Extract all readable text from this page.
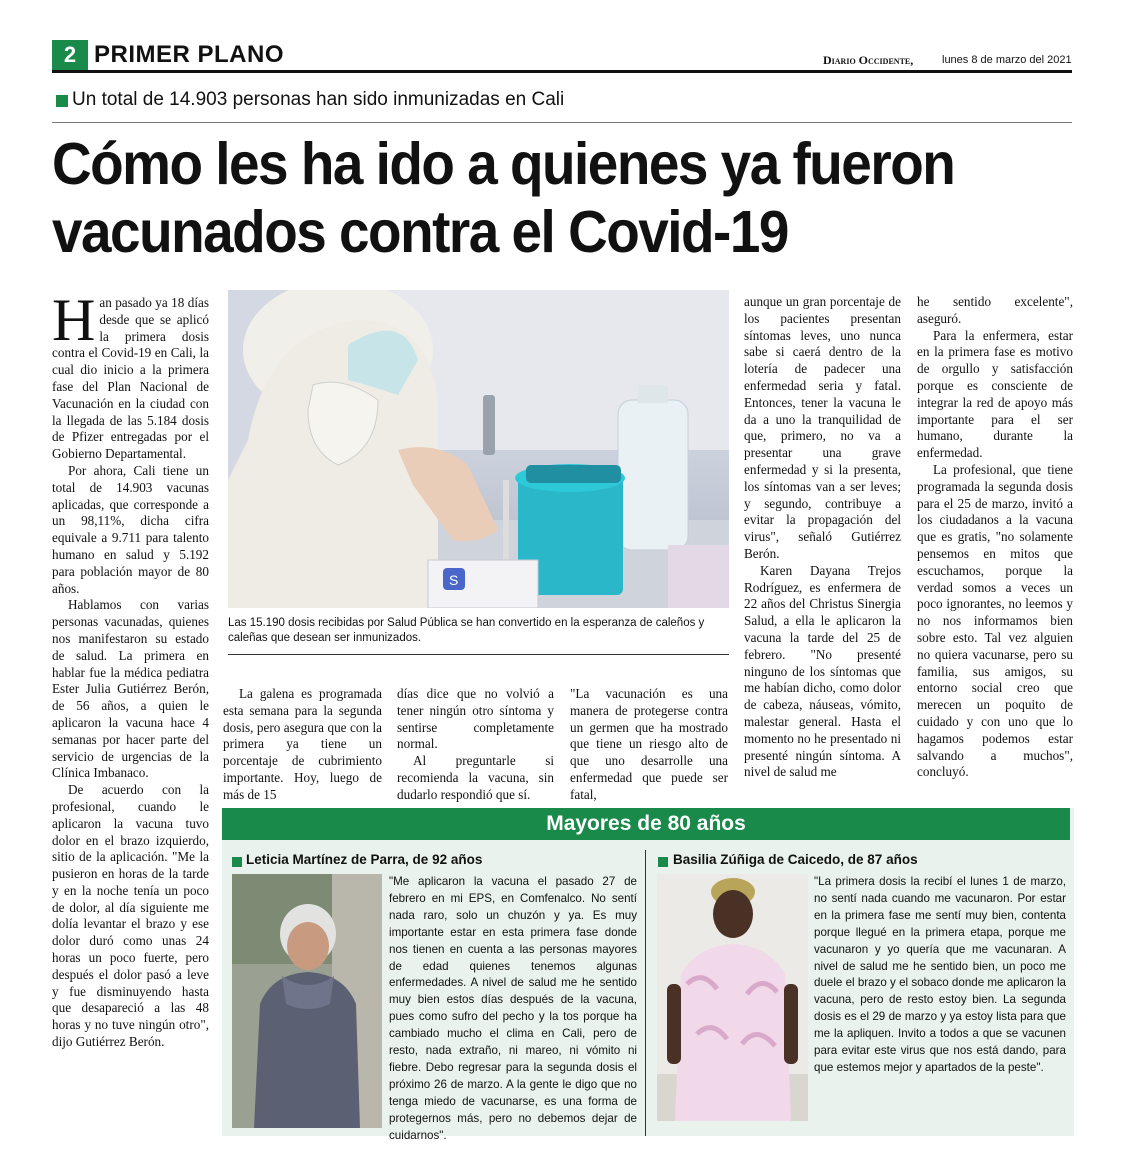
2 PRIMER PLANO	Diario Occidente,	lunes 8 de marzo del 2021
Un total de 14.903 personas han sido inmunizadas en Cali
Cómo les ha ido a quienes ya fueron
vacunados contra el Covid-19

Han pasado ya 18 días desde que se aplicó la primera dosis contra el Covid-19 en Cali, la cual dio inicio a la primera fase del Plan Nacional de Vacunación en la ciudad con la llegada de las 5.184 dosis de Pfizer entregadas por el Gobierno Departamental.

Por ahora, Cali tiene un total de 14.903 vacunas aplicadas, que corresponde a un 98,11%, dicha cifra equivale a 9.711 para talento humano en salud y 5.192 para población mayor de 80 años.

Hablamos con varias personas vacunadas, quienes nos manifestaron su estado de salud. La primera en hablar fue la médica pediatra Ester Julia Gutiérrez Berón, de 56 años, a quien le aplicaron la vacuna hace 4 semanas por hacer parte del servicio de urgencias de la Clínica Imbanaco.

De acuerdo con la profesional, cuando le aplicaron la vacuna tuvo dolor en el brazo izquierdo, sitio de la aplicación. "Me la pusieron en horas de la tarde y en la noche tenía un poco de dolor, al día siguiente me dolía levantar el brazo y ese dolor duró como unas 24 horas un poco fuerte, pero después el dolor pasó a leve y fue disminuyendo hasta que desapareció a las 48 horas y no tuve ningún otro", dijo Gutiérrez Berón.

S
Las 15.190 dosis recibidas por Salud Pública se han convertido en la esperanza de caleños y caleñas que desean ser inmunizados.

La galena es programada esta semana para la segunda dosis, pero asegura que con la primera ya tiene un porcentaje de cubrimiento importante. Hoy, luego de más de 15

días dice que no volvió a tener ningún otro síntoma y sentirse completamente normal.

Al preguntarle si recomienda la vacuna, sin dudarlo respondió que sí.

"La vacunación es una manera de protegerse contra un germen que ha mostrado que tiene un riesgo alto de que uno desarrolle una enfermedad que puede ser fatal,

aunque un gran porcentaje de los pacientes presentan síntomas leves, uno nunca sabe si caerá dentro de la lotería de padecer una enfermedad seria y fatal. Entonces, tener la vacuna le da a uno la tranquilidad de que, primero, no va a presentar una grave enfermedad y si la presenta, los síntomas van a ser leves; y segundo, contribuye a evitar la propagación del virus", señaló Gutiérrez Berón.

Karen Dayana Trejos Rodríguez, es enfermera de 22 años del Christus Sinergia Salud, a ella le aplicaron la vacuna la tarde del 25 de febrero. "No presenté ninguno de los síntomas que me habían dicho, como dolor de cabeza, náuseas, vómito, malestar general. Hasta el momento no he presentado ni presenté ningún síntoma. A nivel de salud me

he sentido excelente", aseguró.

Para la enfermera, estar en la primera fase es motivo de orgullo y satisfacción porque es consciente de integrar la red de apoyo más importante para el ser humano, durante la enfermedad.

La profesional, que tiene programada la segunda dosis para el 25 de marzo, invitó a los ciudadanos a la vacuna que es gratis, "no solamente pensemos en mitos que escuchamos, porque la verdad somos a veces un poco ignorantes, no leemos y no nos informamos bien sobre esto. Tal vez alguien no quiera vacunarse, pero su familia, sus amigos, su entorno social creo que merecen un poquito de cuidado y con uno que lo hagamos podemos estar salvando a muchos", concluyó.

Mayores de 80 años
Leticia Martínez de Parra, de 92 años
"Me aplicaron la vacuna el pasado 27 de febrero en mi EPS, en Comfenalco. No sentí nada raro, solo un chuzón y ya. Es muy importante estar en esta primera fase donde nos tienen en cuenta a las personas mayores de edad quienes tenemos algunas enfermedades. A nivel de salud me he sentido muy bien estos días después de la vacuna, pues como sufro del pecho y la tos porque ha cambiado mucho el clima en Cali, pero de resto, nada extraño, ni mareo, ni vómito ni fiebre. Debo regresar para la segunda dosis el próximo 26 de marzo. A la gente le digo que no tenga miedo de vacunarse, es una forma de protegernos más, pero no debemos dejar de cuidarnos".
Basilia Zúñiga de Caicedo, de 87 años
"La primera dosis la recibí el lunes 1 de marzo, no sentí nada cuando me vacunaron. Por estar en la primera fase me sentí muy bien, contenta porque llegué en la primera etapa, porque me vacunaron y yo quería que me vacunaran. A nivel de salud me he sentido bien, un poco me duele el brazo y el sobaco donde me aplicaron la vacuna, pero de resto estoy bien. La segunda dosis es el 29 de marzo y ya estoy lista para que me la apliquen. Invito a todos a que se vacunen para evitar este virus que nos está dando, para que estemos mejor y apartados de la peste".
